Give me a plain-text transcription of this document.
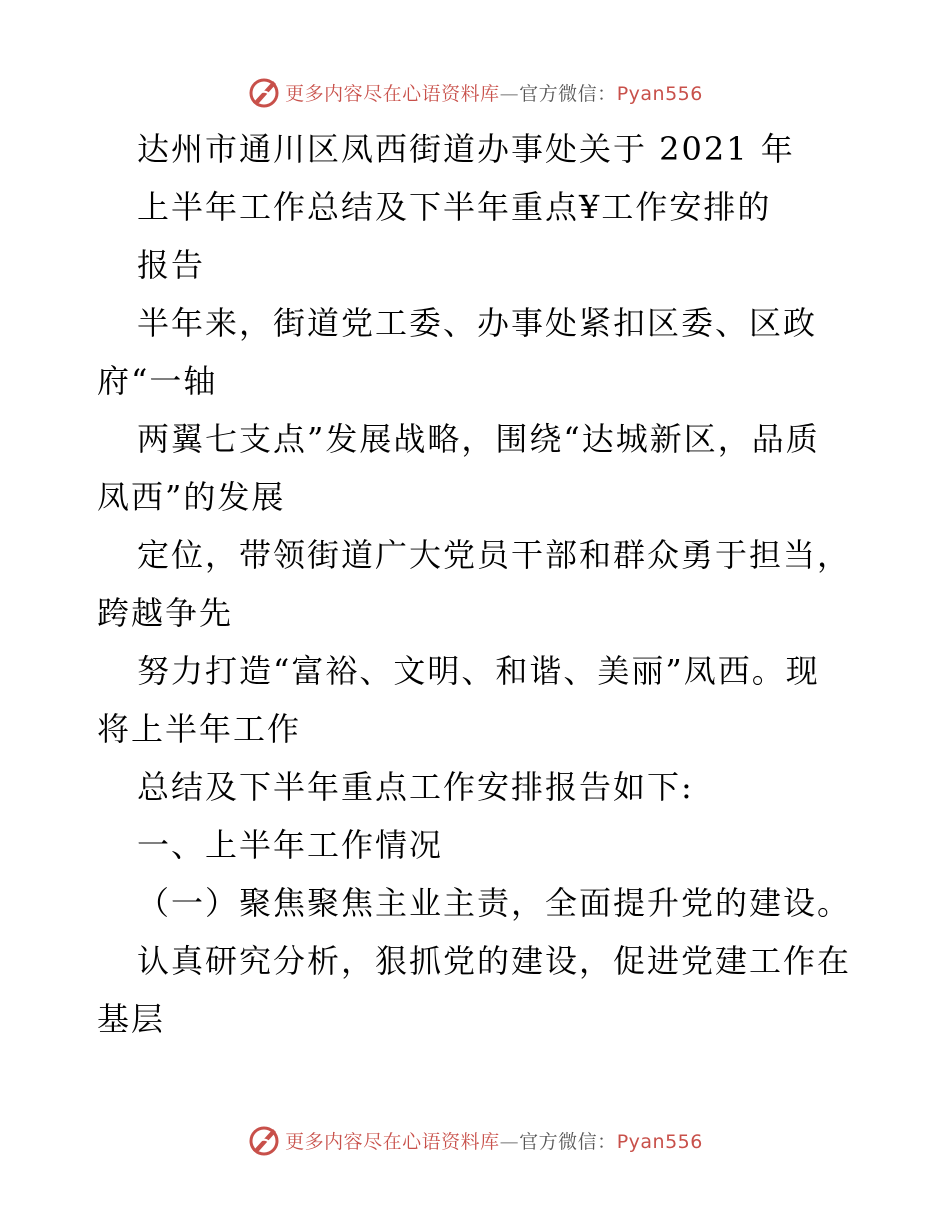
更多内容尽在心语资料库—官方微信：Pyan556
达州市通川区凤西街道办事处关于 2021 年
上半年工作总结及下半年重点¥工作安排的
报告
半年来，街道党工委、办事处紧扣区委、区政
府“一轴
两翼七支点”发展战略，围绕“达城新区，品质
凤西”的发展
定位，带领街道广大党员干部和群众勇于担当，
跨越争先
努力打造“富裕、文明、和谐、美丽”凤西。现
将上半年工作
总结及下半年重点工作安排报告如下:
一、上半年工作情况
（一）聚焦聚焦主业主责，全面提升党的建设。
认真研究分析，狠抓党的建设，促进党建工作在
基层
更多内容尽在心语资料库—官方微信：Pyan556
